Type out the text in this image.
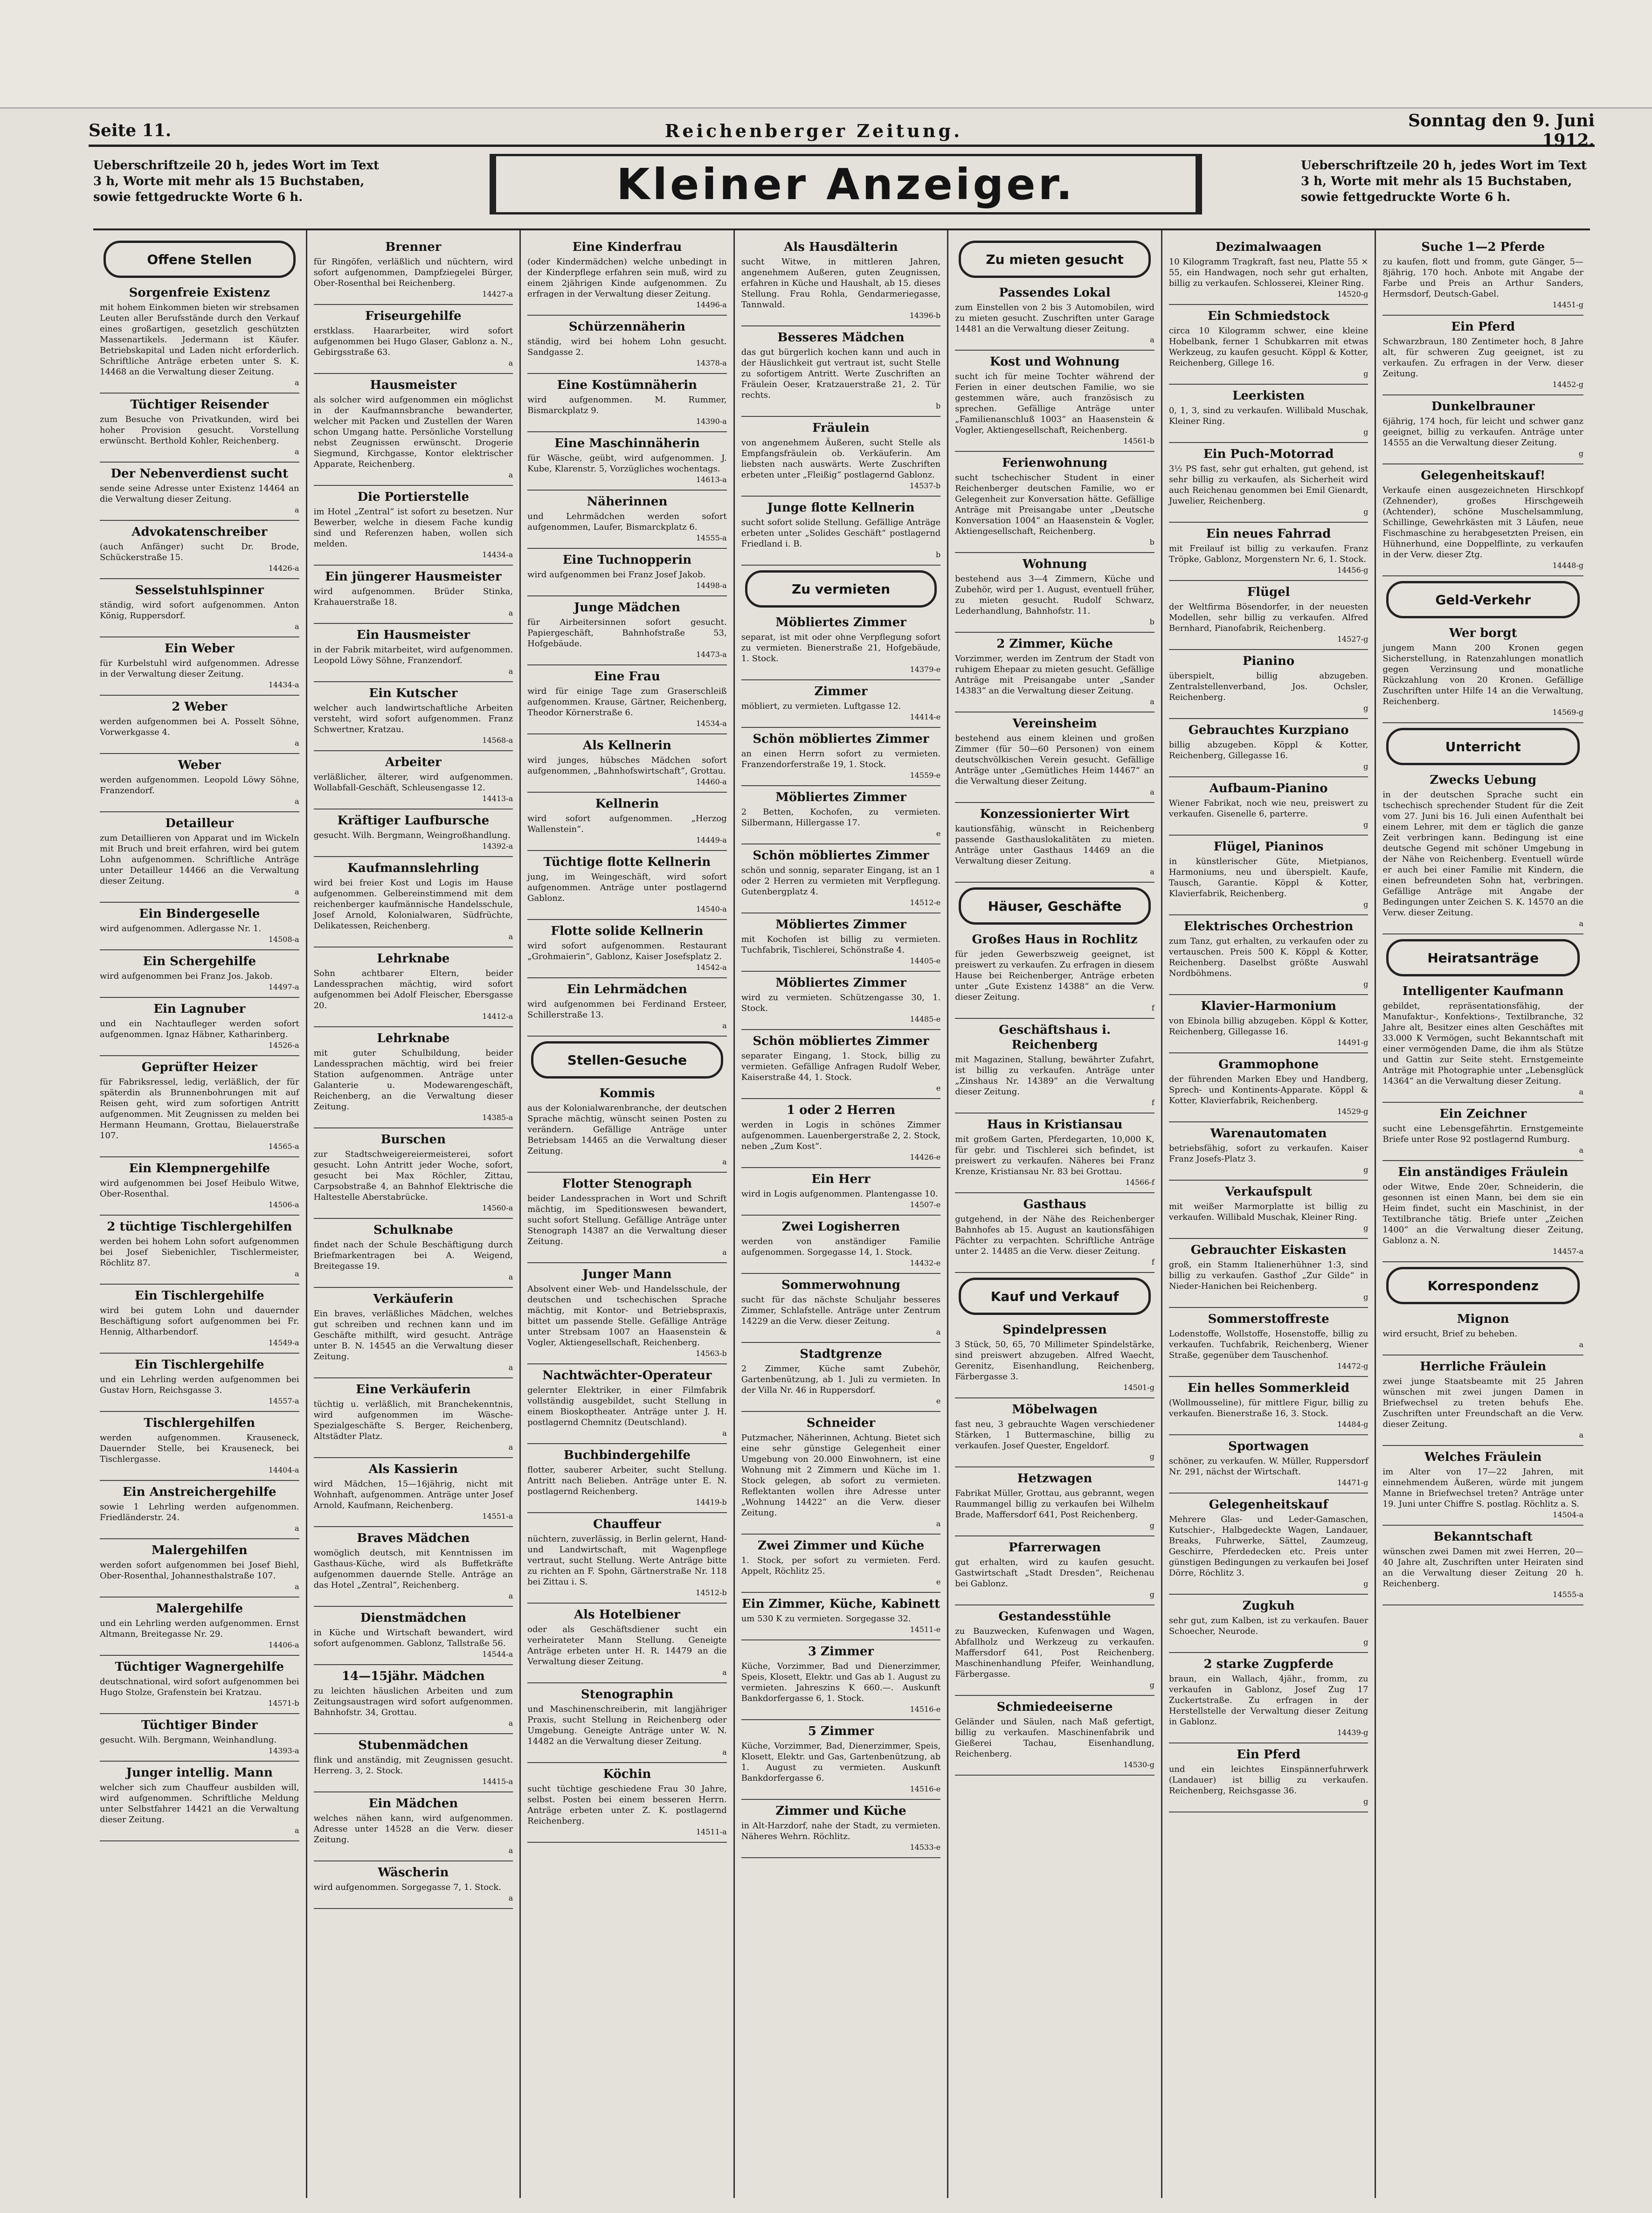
Seite 11.	Reichenberger Zeitung.	Sonntag den 9. Juni 1912.
Ueberschriftzeile 20 h, jedes Wort im Text 3 h, Worte mit mehr als 15 Buchstaben, sowie fettgedruckte Worte 6 h.	Kleiner Anzeiger.	Ueberschriftzeile 20 h, jedes Wort im Text 3 h, Worte mit mehr als 15 Buchstaben, sowie fettgedruckte Worte 6 h.
Offene Stellen
Sorgenfreie Existenz
mit hohem Einkommen bieten wir strebsamen Leuten aller Berufsstände durch den Verkauf eines großartigen, gesetzlich geschützten Massenartikels. Jedermann ist Käufer. Betriebskapital und Laden nicht erforderlich. Schriftliche Anträge erbeten unter S. K. 14468 an die Verwaltung dieser Zeitung.
a
Tüchtiger Reisender
zum Besuche von Privatkunden, wird bei hoher Provision gesucht. Vorstellung erwünscht. Berthold Kohler, Reichenberg.
a
Der Nebenverdienst sucht
sende seine Adresse unter Existenz 14464 an die Verwaltung dieser Zeitung.
a
Advokatenschreiber
(auch Anfänger) sucht Dr. Brode, Schückerstraße 15.
14426-a
Sesselstuhlspinner
ständig, wird sofort aufgenommen. Anton König, Ruppersdorf.
a
Ein Weber
für Kurbelstuhl wird aufgenommen. Adresse in der Verwaltung dieser Zeitung.
14434-a
2 Weber
werden aufgenommen bei A. Posselt Söhne, Vorwerkgasse 4.
a
Weber
werden aufgenommen. Leopold Löwy Söhne, Franzendorf.
a
Detailleur
zum Detaillieren von Apparat und im Wickeln mit Bruch und breit erfahren, wird bei gutem Lohn aufgenommen. Schriftliche Anträge unter Detailleur 14466 an die Verwaltung dieser Zeitung.
a
Ein Bindergeselle
wird aufgenommen. Adlergasse Nr. 1.
14508-a
Ein Schergehilfe
wird aufgenommen bei Franz Jos. Jakob.
14497-a
Ein Lagnuber
und ein Nachtaufleger werden sofort aufgenommen. Ignaz Häbner, Katharinberg.
14526-a
Geprüfter Heizer
für Fabriksressel, ledig, verläßlich, der für späterdin als Brunnenbohrungen mit auf Reisen geht, wird zum sofortigen Antritt aufgenommen. Mit Zeugnissen zu melden bei Hermann Heumann, Grottau, Bielauerstraße 107.
14565-a
Ein Klempnergehilfe
wird aufgenommen bei Josef Heibulo Witwe, Ober-Rosenthal.
14506-a
2 tüchtige Tischlergehilfen
werden bei hohem Lohn sofort aufgenommen bei Josef Siebenichler, Tischlermeister, Röchlitz 87.
a
Ein Tischlergehilfe
wird bei gutem Lohn und dauernder Beschäftigung sofort aufgenommen bei Fr. Hennig, Altharbendorf.
14549-a
Ein Tischlergehilfe
und ein Lehrling werden aufgenommen bei Gustav Horn, Reichsgasse 3.
14557-a
Tischlergehilfen
werden aufgenommen. Krauseneck, Dauernder Stelle, bei Krauseneck, bei Tischlergasse.
14404-a
Ein Anstreichergehilfe
sowie 1 Lehrling werden aufgenommen. Friedländerstr. 24.
a
Malergehilfen
werden sofort aufgenommen bei Josef Biehl, Ober-Rosenthal, Johannesthalstraße 107.
a
Malergehilfe
und ein Lehrling werden aufgenommen. Ernst Altmann, Breitegasse Nr. 29.
14406-a
Tüchtiger Wagnergehilfe
deutschnational, wird sofort aufgenommen bei Hugo Stolze, Grafenstein bei Kratzau.
14571-b
Tüchtiger Binder
gesucht. Wilh. Bergmann, Weinhandlung.
14393-a
Junger intellig. Mann
welcher sich zum Chauffeur ausbilden will, wird aufgenommen. Schriftliche Meldung unter Selbstfahrer 14421 an die Verwaltung dieser Zeitung.
a
Brenner
für Ringöfen, verläßlich und nüchtern, wird sofort aufgenommen, Dampfziegelei Bürger, Ober-Rosenthal bei Reichenberg.
14427-a
Friseurgehilfe
erstklass. Haararbeiter, wird sofort aufgenommen bei Hugo Glaser, Gablonz a. N., Gebirgsstraße 63.
a
Hausmeister
als solcher wird aufgenommen ein möglichst in der Kaufmannsbranche bewanderter, welcher mit Packen und Zustellen der Waren schon Umgang hatte. Persönliche Vorstellung nebst Zeugnissen erwünscht. Drogerie Siegmund, Kirchgasse, Kontor elektrischer Apparate, Reichenberg.
a
Die Portierstelle
im Hotel „Zentral“ ist sofort zu besetzen. Nur Bewerber, welche in diesem Fache kundig sind und Referenzen haben, wollen sich melden.
14434-a
Ein jüngerer Hausmeister
wird aufgenommen. Brüder Stinka, Krahauerstraße 18.
a
Ein Hausmeister
in der Fabrik mitarbeitet, wird aufgenommen. Leopold Löwy Söhne, Franzendorf.
a
Ein Kutscher
welcher auch landwirtschaftliche Arbeiten versteht, wird sofort aufgenommen. Franz Schwertner, Kratzau.
14568-a
Arbeiter
verläßlicher, älterer, wird aufgenommen. Wollabfall-Geschäft, Schleusengasse 12.
14413-a
Kräftiger Laufbursche
gesucht. Wilh. Bergmann, Weingroßhandlung.
14392-a
Kaufmannslehrling
wird bei freier Kost und Logis im Hause aufgenommen. Gelbereinstimmend mit dem reichenberger kaufmännische Handelsschule, Josef Arnold, Kolonialwaren, Südfrüchte, Delikatessen, Reichenberg.
a
Lehrknabe
Sohn achtbarer Eltern, beider Landessprachen mächtig, wird sofort aufgenommen bei Adolf Fleischer, Ebersgasse 20.
14412-a
Lehrknabe
mit guter Schulbildung, beider Landessprachen mächtig, wird bei freier Station aufgenommen. Anträge unter Galanterie u. Modewarengeschäft, Reichenberg, an die Verwaltung dieser Zeitung.
14385-a
Burschen
zur Stadtschweigereiermeisterei, sofort gesucht. Lohn Antritt jeder Woche, sofort, gesucht bei Max Röchler, Zittau, Carpsobstraße 4, an Bahnhof Elektrische die Haltestelle Aberstabrücke.
14560-a
Schulknabe
findet nach der Schule Beschäftigung durch Briefmarkentragen bei A. Weigend, Breitegasse 19.
a
Verkäuferin
Ein braves, verläßliches Mädchen, welches gut schreiben und rechnen kann und im Geschäfte mithilft, wird gesucht. Anträge unter B. N. 14545 an die Verwaltung dieser Zeitung.
a
Eine Verkäuferin
tüchtig u. verläßlich, mit Branchekenntnis, wird aufgenommen im Wäsche-Spezialgeschäfte S. Berger, Reichenberg, Altstädter Platz.
a
Als Kassierin
wird Mädchen, 15—16jährig, nicht mit Wohnhaft, aufgenommen. Anträge unter Josef Arnold, Kaufmann, Reichenberg.
14551-a
Braves Mädchen
womöglich deutsch, mit Kenntnissen im Gasthaus-Küche, wird als Buffetkräfte aufgenommen dauernde Stelle. Anträge an das Hotel „Zentral“, Reichenberg.
a
Dienstmädchen
in Küche und Wirtschaft bewandert, wird sofort aufgenommen. Gablonz, Tallstraße 56.
14544-a
14—15jähr. Mädchen
zu leichten häuslichen Arbeiten und zum Zeitungsaustragen wird sofort aufgenommen. Bahnhofstr. 34, Grottau.
a
Stubenmädchen
flink und anständig, mit Zeugnissen gesucht. Herreng. 3, 2. Stock.
14415-a
Ein Mädchen
welches nähen kann, wird aufgenommen. Adresse unter 14528 an die Verw. dieser Zeitung.
a
Wäscherin
wird aufgenommen. Sorgegasse 7, 1. Stock.
a
Eine Kinderfrau
(oder Kindermädchen) welche unbedingt in der Kinderpflege erfahren sein muß, wird zu einem 2jährigen Kinde aufgenommen. Zu erfragen in der Verwaltung dieser Zeitung.
14496-a
Schürzennäherin
ständig, wird bei hohem Lohn gesucht. Sandgasse 2.
14378-a
Eine Kostümnäherin
wird aufgenommen. M. Rummer, Bismarckplatz 9.
14390-a
Eine Maschinnäherin
für Wäsche, geübt, wird aufgenommen. J. Kube, Klarenstr. 5, Vorzügliches wochentags.
14613-a
Näherinnen
und Lehrmädchen werden sofort aufgenommen, Laufer, Bismarckplatz 6.
14555-a
Eine Tuchnopperin
wird aufgenommen bei Franz Josef Jakob.
14498-a
Junge Mädchen
für Airbeitersinnen sofort gesucht. Papiergeschäft, Bahnhofstraße 53, Hofgebäude.
14473-a
Eine Frau
wird für einige Tage zum Graserschleiß aufgenommen. Krause, Gärtner, Reichenberg, Theodor Körnerstraße 6.
14534-a
Als Kellnerin
wird junges, hübsches Mädchen sofort aufgenommen, „Bahnhofswirtschaft“, Grottau.
14460-a
Kellnerin
wird sofort aufgenommen. „Herzog Wallenstein“.
14449-a
Tüchtige flotte Kellnerin
jung, im Weingeschäft, wird sofort aufgenommen. Anträge unter postlagernd Gablonz.
14540-a
Flotte solide Kellnerin
wird sofort aufgenommen. Restaurant „Grohmaierin“, Gablonz, Kaiser Josefsplatz 2.
14542-a
Ein Lehrmädchen
wird aufgenommen bei Ferdinand Ersteer, Schillerstraße 13.
a
Stellen-Gesuche
Kommis
aus der Kolonialwarenbranche, der deutschen Sprache mächtig, wünscht seinen Posten zu verändern. Gefällige Anträge unter Betriebsam 14465 an die Verwaltung dieser Zeitung.
a
Flotter Stenograph
beider Landessprachen in Wort und Schrift mächtig, im Speditionswesen bewandert, sucht sofort Stellung. Gefällige Anträge unter Stenograph 14387 an die Verwaltung dieser Zeitung.
a
Junger Mann
Absolvent einer Web- und Handelsschule, der deutschen und tschechischen Sprache mächtig, mit Kontor- und Betriebspraxis, bittet um passende Stelle. Gefällige Anträge unter Strebsam 1007 an Haasenstein & Vogler, Aktiengesellschaft, Reichenberg.
14563-b
Nachtwächter-Operateur
gelernter Elektriker, in einer Filmfabrik vollständig ausgebildet, sucht Stellung in einem Bioskoptheater. Anträge unter J. H. postlagernd Chemnitz (Deutschland).
a
Buchbindergehilfe
flotter, sauberer Arbeiter, sucht Stellung. Antritt nach Belieben. Anträge unter E. N. postlagernd Reichenberg.
14419-b
Chauffeur
nüchtern, zuverlässig, in Berlin gelernt, Hand- und Landwirtschaft, mit Wagenpflege vertraut, sucht Stellung. Werte Anträge bitte zu richten an F. Spohn, Gärtnerstraße Nr. 118 bei Zittau i. S.
14512-b
Als Hotelbiener
oder als Geschäftsdiener sucht ein verheirateter Mann Stellung. Geneigte Anträge erbeten unter H. R. 14479 an die Verwaltung dieser Zeitung.
a
Stenographin
und Maschinenschreiberin, mit langjähriger Praxis, sucht Stellung in Reichenberg oder Umgebung. Geneigte Anträge unter W. N. 14482 an die Verwaltung dieser Zeitung.
a
Köchin
sucht tüchtige geschiedene Frau 30 Jahre, selbst. Posten bei einem besseren Herrn. Anträge erbeten unter Z. K. postlagernd Reichenberg.
14511-a
Als Hausdälterin
sucht Witwe, in mittleren Jahren, angenehmem Außeren, guten Zeugnissen, erfahren in Küche und Haushalt, ab 15. dieses Stellung. Frau Rohla, Gendarmeriegasse, Tannwald.
14396-b
Besseres Mädchen
das gut bürgerlich kochen kann und auch in der Häuslichkeit gut vertraut ist, sucht Stelle zu sofortigem Antritt. Werte Zuschriften an Fräulein Oeser, Kratzauerstraße 21, 2. Tür rechts.
b
Fräulein
von angenehmem Äußeren, sucht Stelle als Empfangsfräulein ob. Verkäuferin. Am liebsten nach auswärts. Werte Zuschriften erbeten unter „Fleißig“ postlagernd Gablonz.
14537-b
Junge flotte Kellnerin
sucht sofort solide Stellung. Gefällige Anträge erbeten unter „Solides Geschäft“ postlagernd Friedland i. B.
b
Zu vermieten
Möbliertes Zimmer
separat, ist mit oder ohne Verpflegung sofort zu vermieten. Bienerstraße 21, Hofgebäude, 1. Stock.
14379-e
Zimmer
möbliert, zu vermieten. Luftgasse 12.
14414-e
Schön möbliertes Zimmer
an einen Herrn sofort zu vermieten. Franzendorferstraße 19, 1. Stock.
14559-e
Möbliertes Zimmer
2 Betten, Kochofen, zu vermieten. Silbermann, Hillergasse 17.
e
Schön möbliertes Zimmer
schön und sonnig, separater Eingang, ist an 1 oder 2 Herren zu vermieten mit Verpflegung. Gutenbergplatz 4.
14512-e
Möbliertes Zimmer
mit Kochofen ist billig zu vermieten. Tuchfabrik, Tischlerei, Schönstraße 4.
14405-e
Möbliertes Zimmer
wird zu vermieten. Schützengasse 30, 1. Stock.
14485-e
Schön möbliertes Zimmer
separater Eingang, 1. Stock, billig zu vermieten. Gefällige Anfragen Rudolf Weber, Kaiserstraße 44, 1. Stock.
e
1 oder 2 Herren
werden in Logis in schönes Zimmer aufgenommen. Lauenbergerstraße 2, 2. Stock, neben „Zum Kost“.
14426-e
Ein Herr
wird in Logis aufgenommen. Plantengasse 10.
14507-e
Zwei Logisherren
werden von anständiger Familie aufgenommen. Sorgegasse 14, 1. Stock.
14432-e
Sommerwohnung
sucht für das nächste Schuljahr besseres Zimmer, Schlafstelle. Anträge unter Zentrum 14229 an die Verw. dieser Zeitung.
a
Stadtgrenze
2 Zimmer, Küche samt Zubehör, Gartenbenützung, ab 1. Juli zu vermieten. In der Villa Nr. 46 in Ruppersdorf.
e
Schneider
Putzmacher, Näherinnen, Achtung. Bietet sich eine sehr günstige Gelegenheit einer Umgebung von 20.000 Einwohnern, ist eine Wohnung mit 2 Zimmern und Küche im 1. Stock gelegen, ab sofort zu vermieten. Reflektanten wollen ihre Adresse unter „Wohnung 14422“ an die Verw. dieser Zeitung.
a
Zwei Zimmer und Küche
1. Stock, per sofort zu vermieten. Ferd. Appelt, Röchlitz 25.
e
Ein Zimmer, Küche, Kabinett
um 530 K zu vermieten. Sorgegasse 32.
14511-e
3 Zimmer
Küche, Vorzimmer, Bad und Dienerzimmer, Speis, Klosett, Elektr. und Gas ab 1. August zu vermieten. Jahreszins K 660.—. Auskunft Bankdorfergasse 6, 1. Stock.
14516-e
5 Zimmer
Küche, Vorzimmer, Bad, Dienerzimmer, Speis, Klosett, Elektr. und Gas, Gartenbenützung, ab 1. August zu vermieten. Auskunft Bankdorfergasse 6.
14516-e
Zimmer und Küche
in Alt-Harzdorf, nahe der Stadt, zu vermieten. Näheres Wehrn. Röchlitz.
14533-e
Zu mieten gesucht
Passendes Lokal
zum Einstellen von 2 bis 3 Automobilen, wird zu mieten gesucht. Zuschriften unter Garage 14481 an die Verwaltung dieser Zeitung.
a
Kost und Wohnung
sucht ich für meine Tochter während der Ferien in einer deutschen Familie, wo sie gestemmen wäre, auch französisch zu sprechen. Gefällige Anträge unter „Familienanschluß 1003“ an Haasenstein & Vogler, Aktiengesellschaft, Reichenberg.
14561-b
Ferienwohnung
sucht tschechischer Student in einer Reichenberger deutschen Familie, wo er Gelegenheit zur Konversation hätte. Gefällige Anträge mit Preisangabe unter „Deutsche Konversation 1004“ an Haasenstein & Vogler, Aktiengesellschaft, Reichenberg.
b
Wohnung
bestehend aus 3—4 Zimmern, Küche und Zubehör, wird per 1. August, eventuell früher, zu mieten gesucht. Rudolf Schwarz, Lederhandlung, Bahnhofstr. 11.
b
2 Zimmer, Küche
Vorzimmer, werden im Zentrum der Stadt von ruhigem Ehepaar zu mieten gesucht. Gefällige Anträge mit Preisangabe unter „Sander 14383“ an die Verwaltung dieser Zeitung.
a
Vereinsheim
bestehend aus einem kleinen und großen Zimmer (für 50—60 Personen) von einem deutschvölkischen Verein gesucht. Gefällige Anträge unter „Gemütliches Heim 14467“ an die Verwaltung dieser Zeitung.
a
Konzessionierter Wirt
kautionsfähig, wünscht in Reichenberg passende Gasthauslokalitäten zu mieten. Anträge unter Gasthaus 14469 an die Verwaltung dieser Zeitung.
a
Häuser, Geschäfte
Großes Haus in Rochlitz
für jeden Gewerbszweig geeignet, ist preiswert zu verkaufen. Zu erfragen in diesem Hause bei Reichenberger, Anträge erbeten unter „Gute Existenz 14388“ an die Verw. dieser Zeitung.
f
Geschäftshaus i. Reichenberg
mit Magazinen, Stallung, bewährter Zufahrt, ist billig zu verkaufen. Anträge unter „Zinshaus Nr. 14389“ an die Verwaltung dieser Zeitung.
f
Haus in Kristiansau
mit großem Garten, Pferdegarten, 10,000 K, für gebr. und Tischlerei sich befindet, ist preiswert zu verkaufen. Näheres bei Franz Krenze, Kristiansau Nr. 83 bei Grottau.
14566-f
Gasthaus
gutgehend, in der Nähe des Reichenberger Bahnhofes ab 15. August an kautionsfähigen Pächter zu verpachten. Schriftliche Anträge unter 2. 14485 an die Verw. dieser Zeitung.
f
Kauf und Verkauf
Spindelpressen
3 Stück, 50, 65, 70 Millimeter Spindelstärke, sind preiswert abzugeben. Alfred Waecht, Gerenitz, Eisenhandlung, Reichenberg, Färbergasse 3.
14501-g
Möbelwagen
fast neu, 3 gebrauchte Wagen verschiedener Stärken, 1 Buttermaschine, billig zu verkaufen. Josef Quester, Engeldorf.
g
Hetzwagen
Fabrikat Müller, Grottau, aus gebrannt, wegen Raummangel billig zu verkaufen bei Wilhelm Brade, Maffersdorf 641, Post Reichenberg.
g
Pfarrerwagen
gut erhalten, wird zu kaufen gesucht. Gastwirtschaft „Stadt Dresden“, Reichenau bei Gablonz.
g
Gestandesstühle
zu Bauzwecken, Kufenwagen und Wagen, Abfallholz und Werkzeug zu verkaufen. Maffersdorf 641, Post Reichenberg. Maschinenhandlung Pfeifer, Weinhandlung, Färbergasse.
g
Schmiedeeiserne
Geländer und Säulen, nach Maß gefertigt, billig zu verkaufen. Maschinenfabrik und Gießerei Tachau, Eisenhandlung, Reichenberg.
14530-g
Dezimalwaagen
10 Kilogramm Tragkraft, fast neu, Platte 55 × 55, ein Handwagen, noch sehr gut erhalten, billig zu verkaufen. Schlosserei, Kleiner Ring.
14520-g
Ein Schmiedstock
circa 10 Kilogramm schwer, eine kleine Hobelbank, ferner 1 Schubkarren mit etwas Werkzeug, zu kaufen gesucht. Köppl & Kotter, Reichenberg, Gillege 16.
g
Leerkisten
0, 1, 3, sind zu verkaufen. Willibald Muschak, Kleiner Ring.
g
Ein Puch-Motorrad
3½ PS fast, sehr gut erhalten, gut gehend, ist sehr billig zu verkaufen, als Sicherheit wird auch Reichenau genommen bei Emil Gienardt, Juwelier, Reichenberg.
g
Ein neues Fahrrad
mit Freilauf ist billig zu verkaufen. Franz Tröpke, Gablonz, Morgenstern Nr. 6, 1. Stock.
14456-g
Flügel
der Weltfirma Bösendorfer, in der neuesten Modellen, sehr billig zu verkaufen. Alfred Bernhard, Pianofabrik, Reichenberg.
14527-g
Pianino
überspielt, billig abzugeben. Zentralstellenverband, Jos. Ochsler, Reichenberg.
g
Gebrauchtes Kurzpiano
billig abzugeben. Köppl & Kotter, Reichenberg, Gillegasse 16.
g
Aufbaum-Pianino
Wiener Fabrikat, noch wie neu, preiswert zu verkaufen. Gisenelle 6, parterre.
g
Flügel, Pianinos
in künstlerischer Güte, Mietpianos, Harmoniums, neu und überspielt. Kaufe, Tausch, Garantie. Köppl & Kotter, Klavierfabrik, Reichenberg.
g
Elektrisches Orchestrion
zum Tanz, gut erhalten, zu verkaufen oder zu vertauschen. Preis 500 K. Köppl & Kotter, Reichenberg. Daselbst größte Auswahl Nordböhmens.
g
Klavier-Harmonium
von Ebinola billig abzugeben. Köppl & Kotter, Reichenberg, Gillegasse 16.
14491-g
Grammophone
der führenden Marken Ebey und Handberg, Sprech- und Kontinents-Apparate. Köppl & Kotter, Klavierfabrik, Reichenberg.
14529-g
Warenautomaten
betriebsfähig, sofort zu verkaufen. Kaiser Franz Josefs-Platz 3.
g
Verkaufspult
mit weißer Marmorplatte ist billig zu verkaufen. Willibald Muschak, Kleiner Ring.
g
Gebrauchter Eiskasten
groß, ein Stamm Italienerhühner 1:3, sind billig zu verkaufen. Gasthof „Zur Gilde“ in Nieder-Hanichen bei Reichenberg.
g
Sommerstoffreste
Lodenstoffe, Wollstoffe, Hosenstoffe, billig zu verkaufen. Tuchfabrik, Reichenberg, Wiener Straße, gegenüber dem Tauschenhof.
14472-g
Ein helles Sommerkleid
(Wollmousseline), für mittlere Figur, billig zu verkaufen. Bienerstraße 16, 3. Stock.
14484-g
Sportwagen
schöner, zu verkaufen. W. Müller, Ruppersdorf Nr. 291, nächst der Wirtschaft.
14471-g
Gelegenheitskauf
Mehrere Glas- und Leder-Gamaschen, Kutschier-, Halbgedeckte Wagen, Landauer, Breaks, Fuhrwerke, Sättel, Zaumzeug, Geschirre, Pferdedecken etc. Preis unter günstigen Bedingungen zu verkaufen bei Josef Dörre, Röchlitz 3.
g
Zugkuh
sehr gut, zum Kalben, ist zu verkaufen. Bauer Schoecher, Neurode.
g
2 starke Zugpferde
braun, ein Wallach, 4jähr., fromm, zu verkaufen in Gablonz, Josef Zug 17 Zuckertstraße. Zu erfragen in der Herstellstelle der Verwaltung dieser Zeitung in Gablonz.
14439-g
Ein Pferd
und ein leichtes Einspännerfuhrwerk (Landauer) ist billig zu verkaufen. Reichenberg, Reichsgasse 36.
g
Suche 1—2 Pferde
zu kaufen, flott und fromm, gute Gänger, 5—8jährig, 170 hoch. Anbote mit Angabe der Farbe und Preis an Arthur Sanders, Hermsdorf, Deutsch-Gabel.
14451-g
Ein Pferd
Schwarzbraun, 180 Zentimeter hoch, 8 Jahre alt, für schweren Zug geeignet, ist zu verkaufen. Zu erfragen in der Verw. dieser Zeitung.
14452-g
Dunkelbrauner
6jährig, 174 hoch, für leicht und schwer ganz geeignet, billig zu verkaufen. Anträge unter 14555 an die Verwaltung dieser Zeitung.
g
Gelegenheitskauf!
Verkaufe einen ausgezeichneten Hirschkopf (Zehnender), großes Hirschgeweih (Achtender), schöne Muschelsammlung, Schillinge, Gewehrkästen mit 3 Läufen, neue Fischmaschine zu herabgesetzten Preisen, ein Hühnerhund, eine Doppelflinte, zu verkaufen in der Verw. dieser Ztg.
14448-g
Geld-Verkehr
Wer borgt
jungem Mann 200 Kronen gegen Sicherstellung, in Ratenzahlungen monatlich gegen Verzinsung und monatliche Rückzahlung von 20 Kronen. Gefällige Zuschriften unter Hilfe 14 an die Verwaltung, Reichenberg.
14569-g
Unterricht
Zwecks Uebung
in der deutschen Sprache sucht ein tschechisch sprechender Student für die Zeit vom 27. Juni bis 16. Juli einen Aufenthalt bei einem Lehrer, mit dem er täglich die ganze Zeit verbringen kann. Bedingung ist eine deutsche Gegend mit schöner Umgebung in der Nähe von Reichenberg. Eventuell würde er auch bei einer Familie mit Kindern, die einen befreundeten Sohn hat, verbringen. Gefällige Anträge mit Angabe der Bedingungen unter Zeichen S. K. 14570 an die Verw. dieser Zeitung.
a
Heiratsanträge
Intelligenter Kaufmann
gebildet, repräsentationsfähig, der Manufaktur-, Konfektions-, Textilbranche, 32 Jahre alt, Besitzer eines alten Geschäftes mit 33.000 K Vermögen, sucht Bekanntschaft mit einer vermögenden Dame, die ihm als Stütze und Gattin zur Seite steht. Ernstgemeinte Anträge mit Photographie unter „Lebensglück 14364“ an die Verwaltung dieser Zeitung.
a
Ein Zeichner
sucht eine Lebensgefährtin. Ernstgemeinte Briefe unter Rose 92 postlagernd Rumburg.
a
Ein anständiges Fräulein
oder Witwe, Ende 20er, Schneiderin, die gesonnen ist einen Mann, bei dem sie ein Heim findet, sucht ein Maschinist, in der Textilbranche tätig. Briefe unter „Zeichen 1400“ an die Verwaltung dieser Zeitung, Gablonz a. N.
14457-a
Korrespondenz
Mignon
wird ersucht, Brief zu beheben.
a
Herrliche Fräulein
zwei junge Staatsbeamte mit 25 Jahren wünschen mit zwei jungen Damen in Briefwechsel zu treten behufs Ehe. Zuschriften unter Freundschaft an die Verw. dieser Zeitung.
a
Welches Fräulein
im Alter von 17—22 Jahren, mit einnehmendem Äußeren, würde mit jungem Manne in Briefwechsel treten? Anträge unter 19. Juni unter Chiffre S. postlag. Röchlitz a. S.
14504-a
Bekanntschaft
wünschen zwei Damen mit zwei Herren, 20—40 Jahre alt, Zuschriften unter Heiraten sind an die Verwaltung dieser Zeitung 20 h. Reichenberg.
14555-a
